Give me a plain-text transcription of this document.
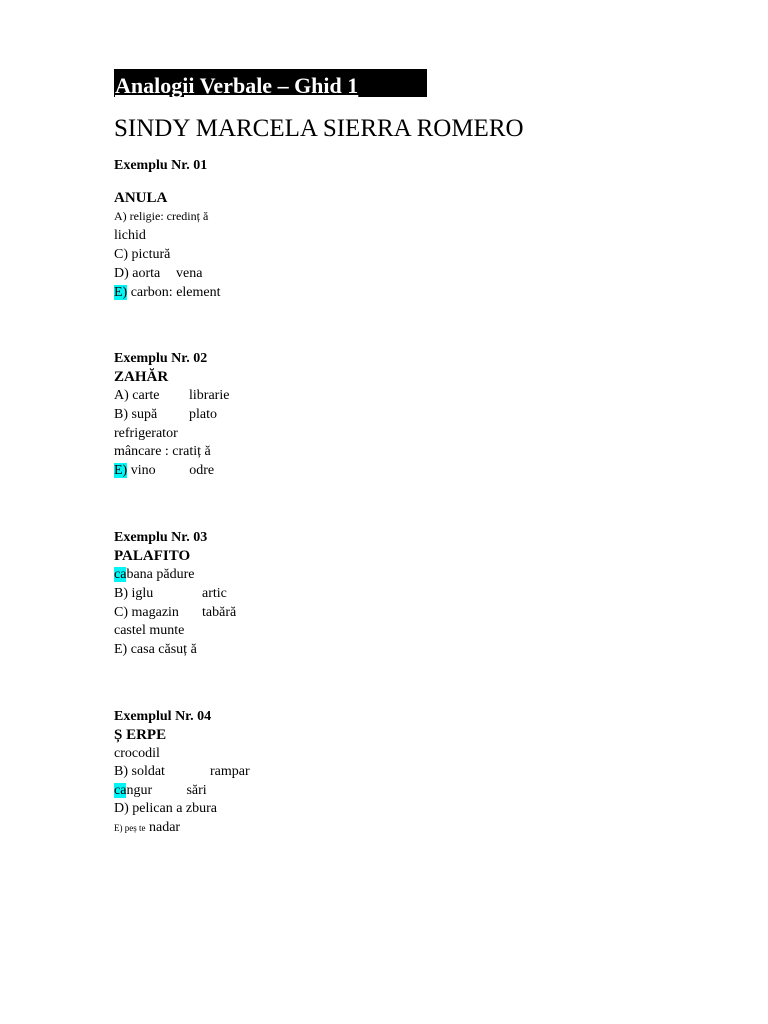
Analogii Verbale – Ghid 1
SINDY MARCELA SIERRA ROMERO
Exemplu Nr. 01
ANULA
A) religie: credinț ă
lichid
C) pictură
D) aorta vena
E) carbon: element
Exemplu Nr. 02
ZAHĂR
A) carte librarie
B) supă plato
refrigerator
mâncare : cratiț ă
E) vino odre
Exemplu Nr. 03
PALAFITO
cabana pădure
B) iglu	artic
C) magazin tabără
castel munte
E) casa căsuț ă
Exemplul Nr. 04
Ș ERPE
crocodil
B) soldat	rampar
cangur sări
D) pelican a zbura
E) peș te nadar
